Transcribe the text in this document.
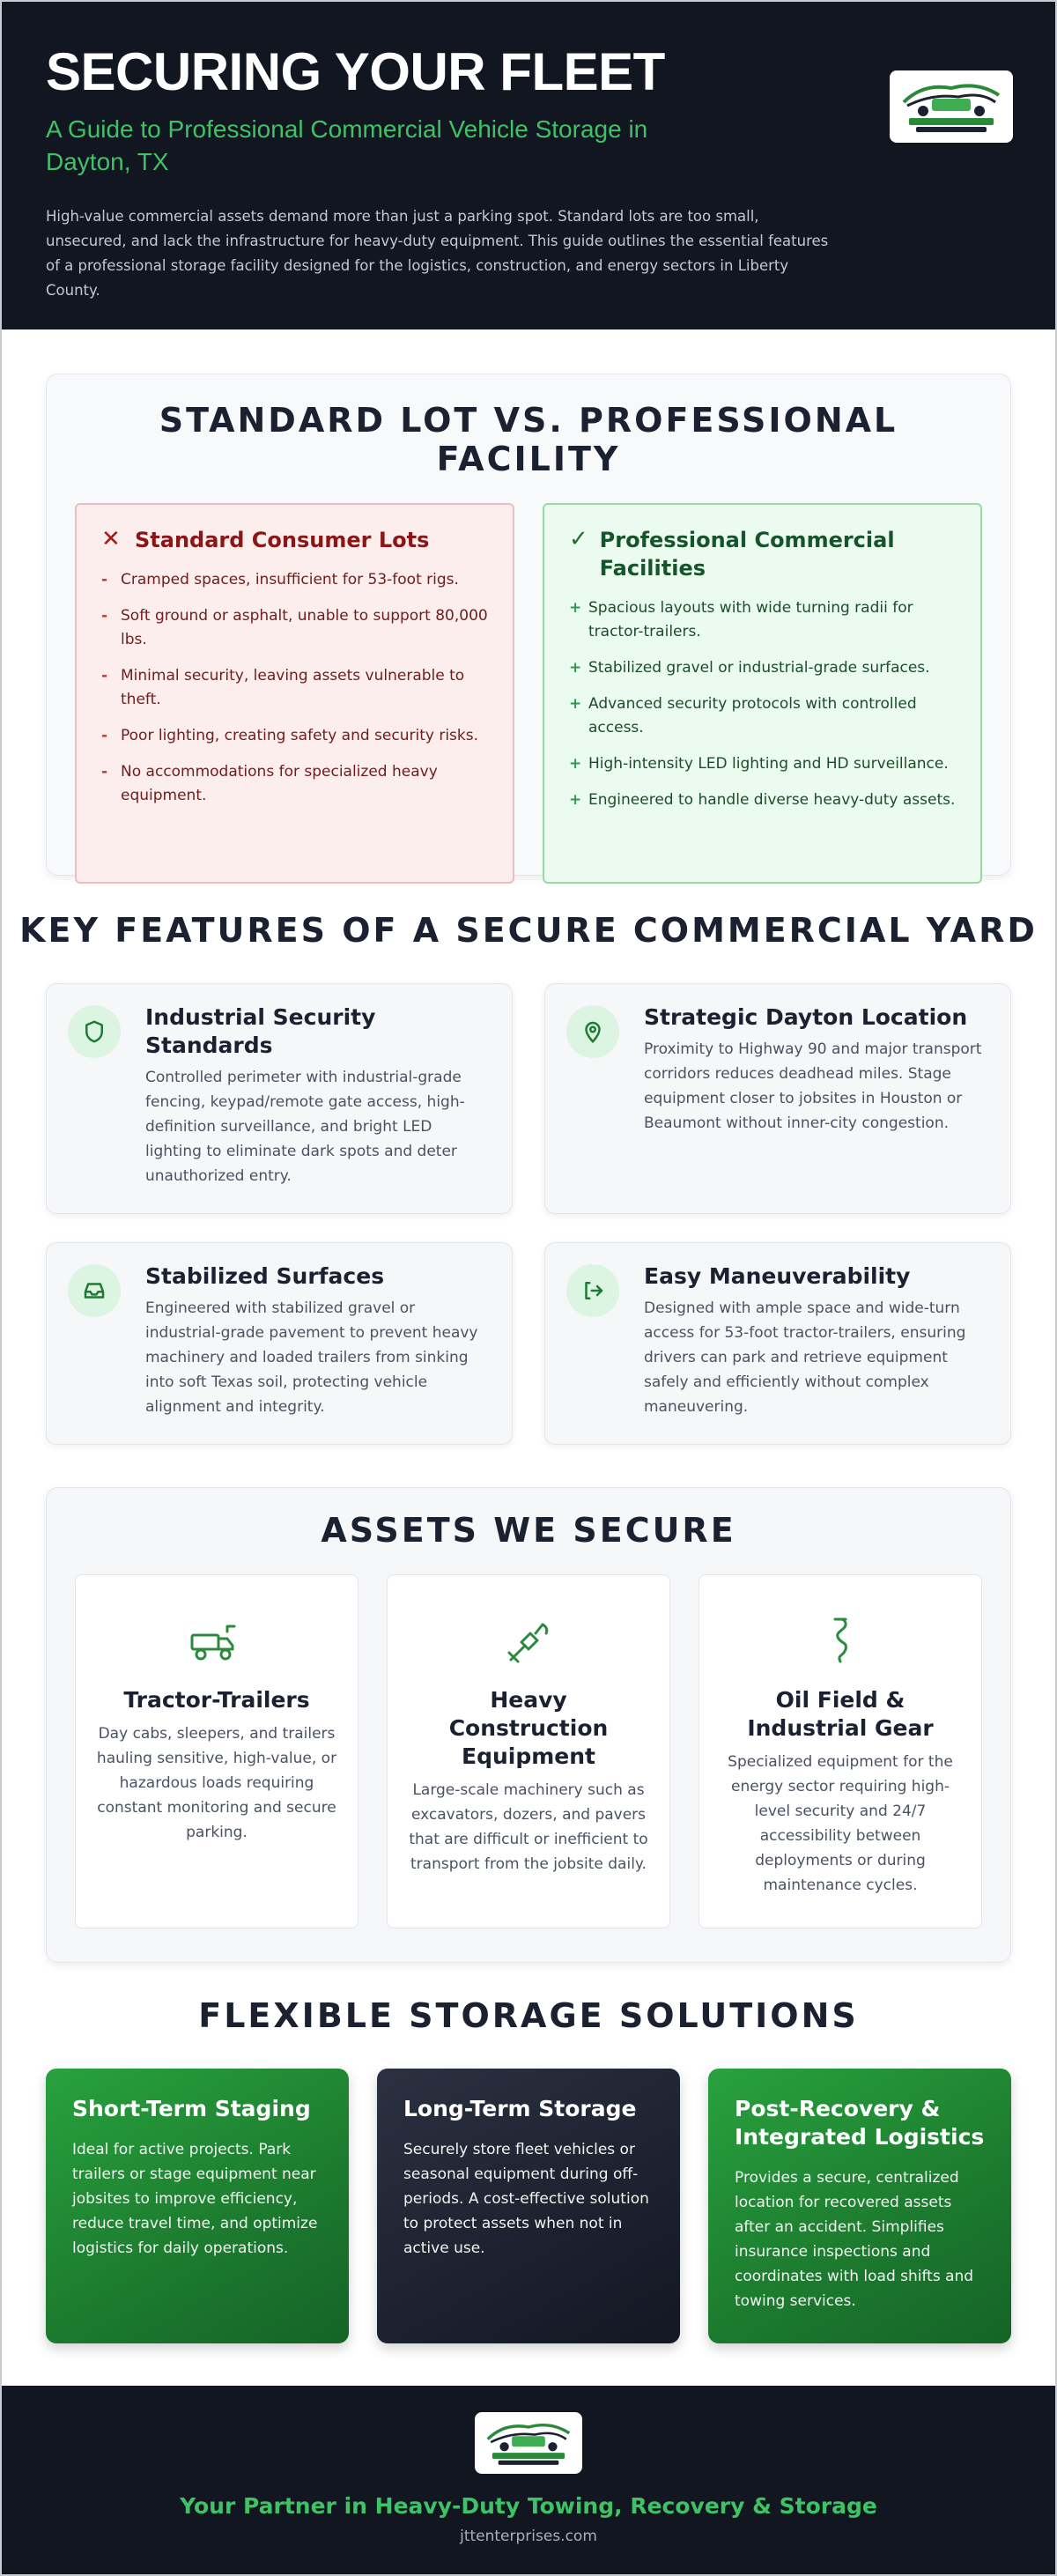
SECURING YOUR FLEET
A Guide to Professional Commercial Vehicle Storage in Dayton, TX

High-value commercial assets demand more than just a parking spot. Standard lots are too small, unsecured, and lack the infrastructure for heavy-duty equipment. This guide outlines the essential features of a professional storage facility designed for the logistics, construction, and energy sectors in Liberty County.

STANDARD LOT VS. PROFESSIONAL FACILITY
✕ Standard Consumer Lots
- Cramped spaces, insufficient for 53-foot rigs.
- Soft ground or asphalt, unable to support 80,000 lbs.
- Minimal security, leaving assets vulnerable to theft.
- Poor lighting, creating safety and security risks.
- No accommodations for specialized heavy equipment.
✓ Professional Commercial Facilities
+ Spacious layouts with wide turning radii for tractor-trailers.
+ Stabilized gravel or industrial-grade surfaces.
+ Advanced security protocols with controlled access.
+ High-intensity LED lighting and HD surveillance.
+ Engineered to handle diverse heavy-duty assets.
KEY FEATURES OF A SECURE COMMERCIAL YARD
Industrial Security Standards

Controlled perimeter with industrial-grade fencing, keypad/remote gate access, high-definition surveillance, and bright LED lighting to eliminate dark spots and deter unauthorized entry.

Strategic Dayton Location

Proximity to Highway 90 and major transport corridors reduces deadhead miles. Stage equipment closer to jobsites in Houston or Beaumont without inner-city congestion.

Stabilized Surfaces

Engineered with stabilized gravel or industrial-grade pavement to prevent heavy machinery and loaded trailers from sinking into soft Texas soil, protecting vehicle alignment and integrity.

Easy Maneuverability

Designed with ample space and wide-turn access for 53-foot tractor-trailers, ensuring drivers can park and retrieve equipment safely and efficiently without complex maneuvering.

ASSETS WE SECURE
Tractor-Trailers

Day cabs, sleepers, and trailers hauling sensitive, high-value, or hazardous loads requiring constant monitoring and secure parking.

Heavy Construction Equipment

Large-scale machinery such as excavators, dozers, and pavers that are difficult or inefficient to transport from the jobsite daily.

Oil Field & Industrial Gear

Specialized equipment for the energy sector requiring high-level security and 24/7 accessibility between deployments or during maintenance cycles.

FLEXIBLE STORAGE SOLUTIONS
Short-Term Staging

Ideal for active projects. Park trailers or stage equipment near jobsites to improve efficiency, reduce travel time, and optimize logistics for daily operations.

Long-Term Storage

Securely store fleet vehicles or seasonal equipment during off-periods. A cost-effective solution to protect assets when not in active use.

Post-Recovery & Integrated Logistics

Provides a secure, centralized location for recovered assets after an accident. Simplifies insurance inspections and coordinates with load shifts and towing services.

Your Partner in Heavy-Duty Towing, Recovery & Storage
jttenterprises.com
